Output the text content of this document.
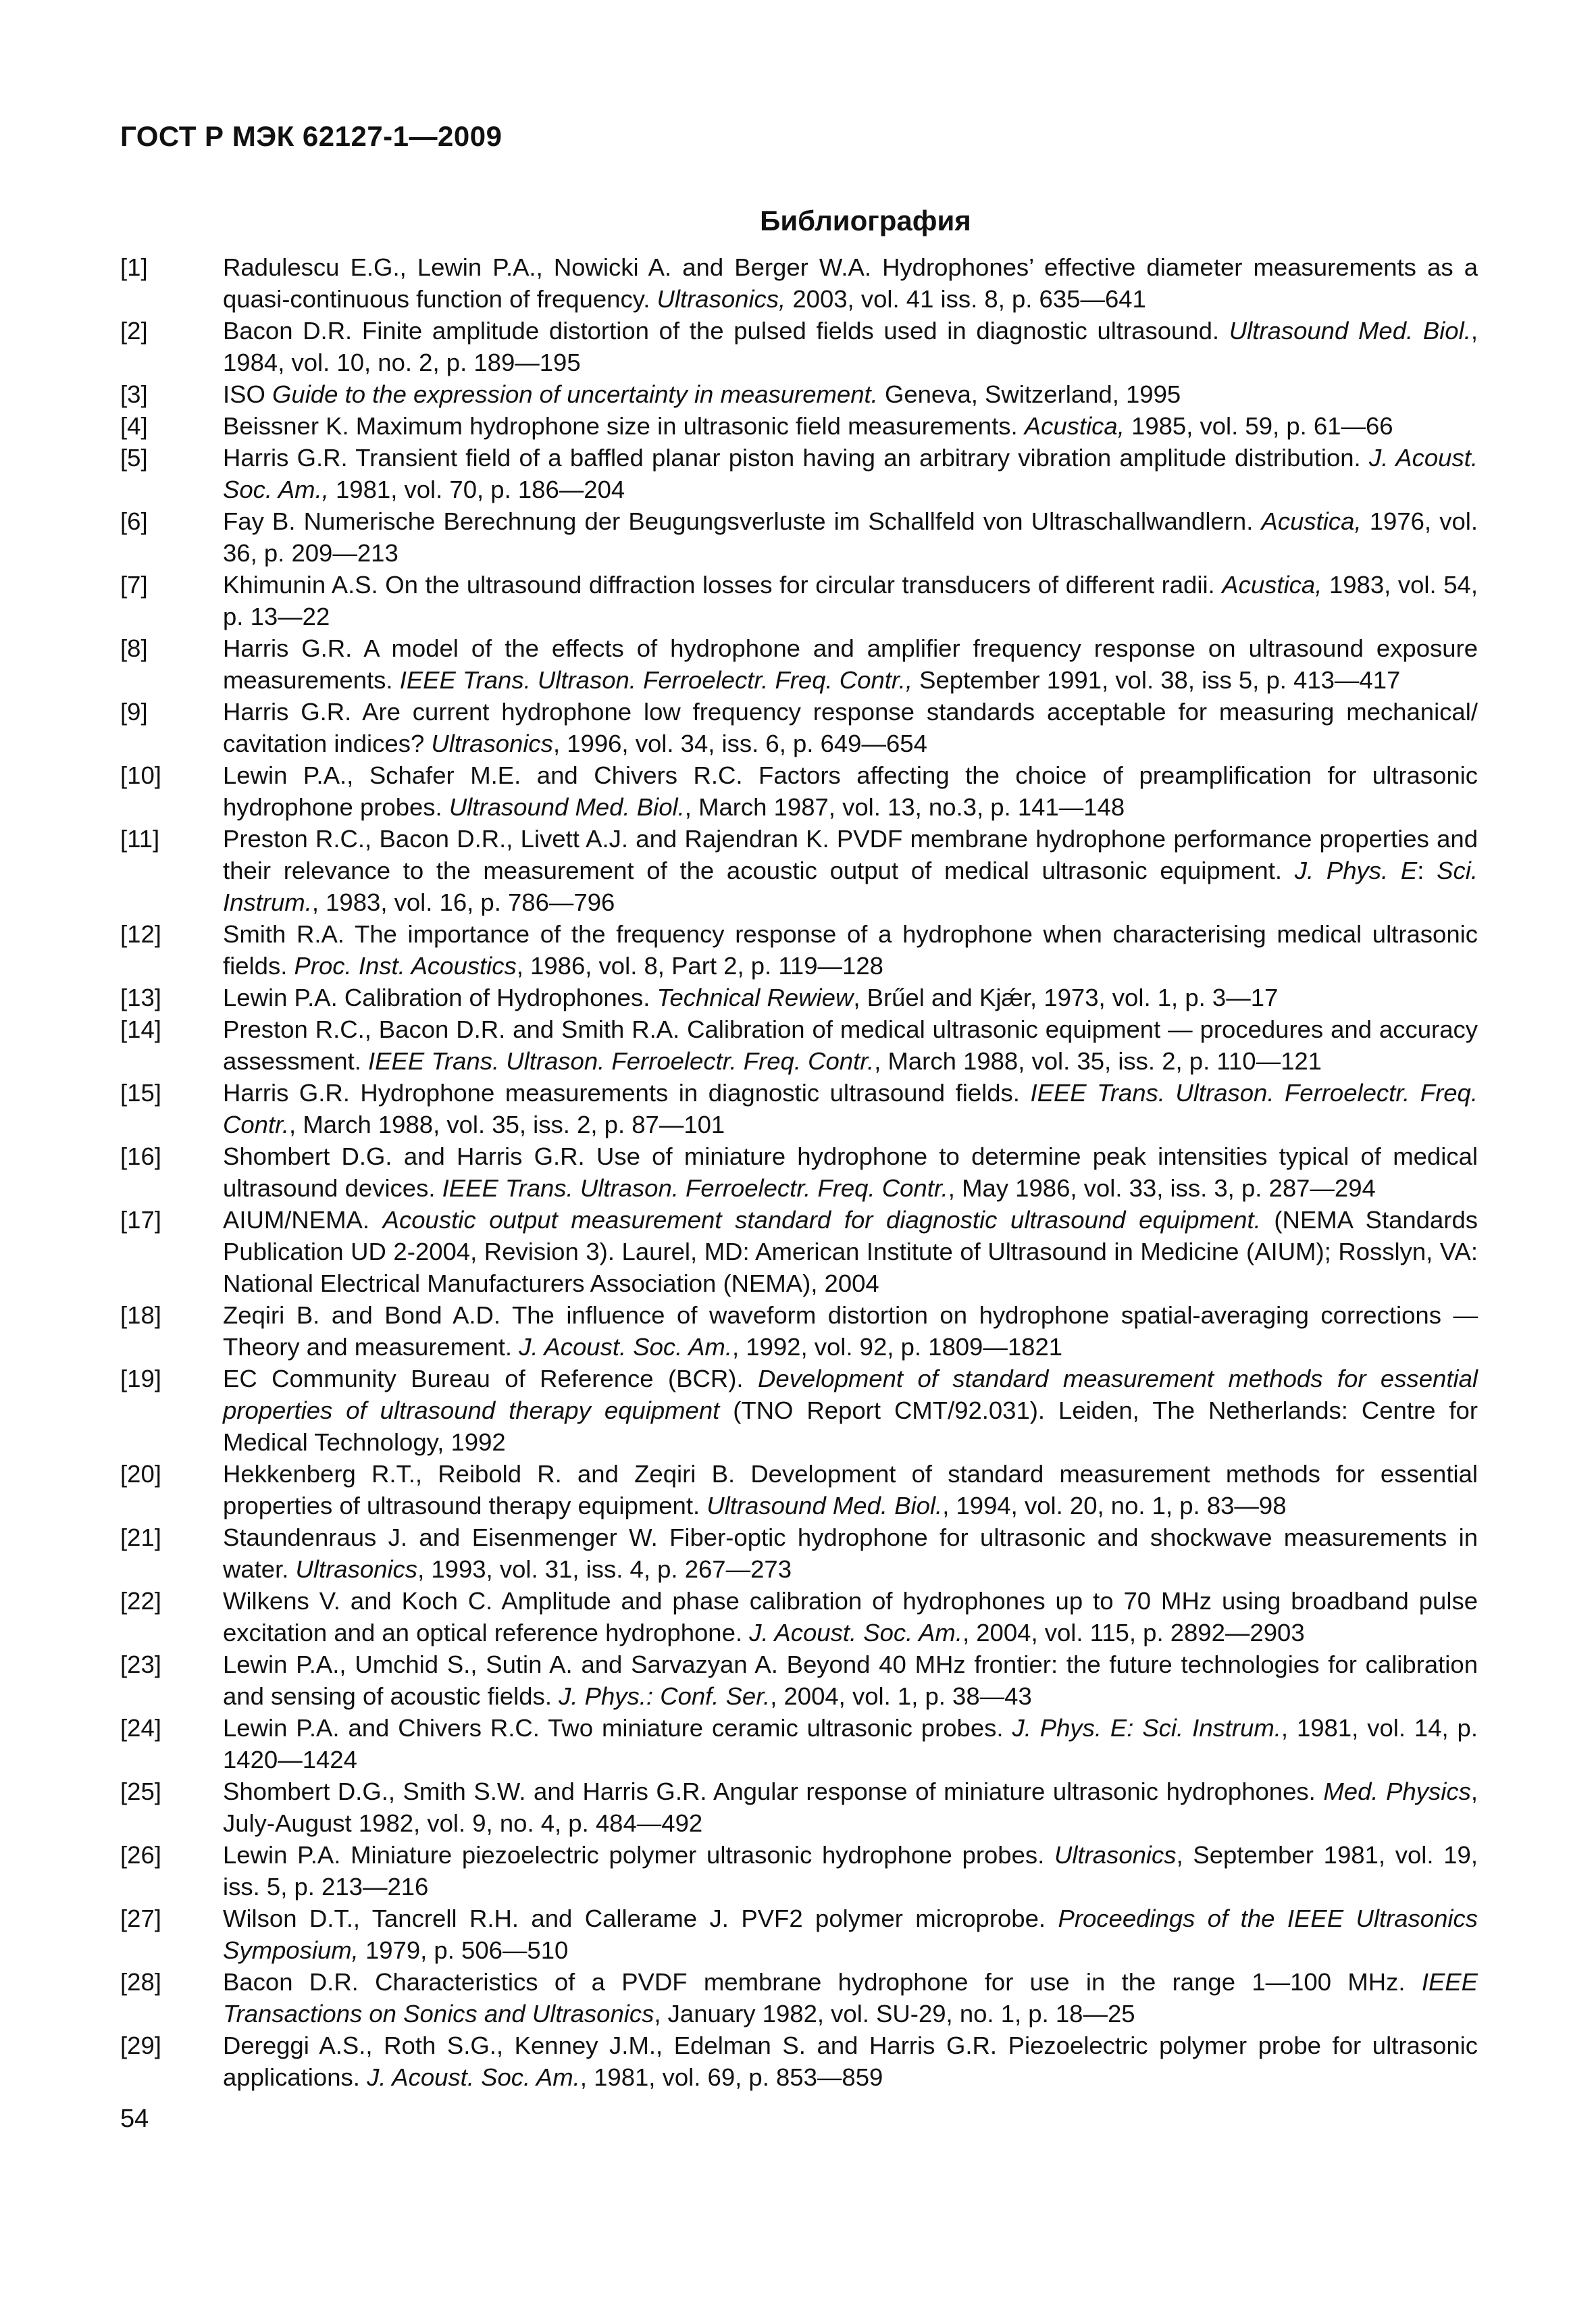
ГОСТ Р МЭК 62127-1—2009
Библиография
[1]	Radulescu E.G., Lewin P.A., Nowicki A. and Berger W.A. Hydrophones’ effective diameter measurements as a quasi-continuous function of frequency. Ultrasonics, 2003, vol. 41 iss. 8, p. 635—641
[2]	Bacon D.R. Finite amplitude distortion of the pulsed fields used in diagnostic ultrasound. Ultrasound Med. Biol., 1984, vol. 10, no. 2, p. 189—195
[3]	ISO Guide to the expression of uncertainty in measurement. Geneva, Switzerland, 1995
[4]	Beissner K. Maximum hydrophone size in ultrasonic field measurements. Acustica, 1985, vol. 59, p. 61—66
[5]	Harris G.R. Transient field of a baffled planar piston having an arbitrary vibration amplitude distribution. J. Acoust. Soc. Am., 1981, vol. 70, p. 186—204
[6]	Fay B. Numerische Berechnung der Beugungsverluste im Schallfeld von Ultraschallwandlern. Acustica, 1976, vol. 36, p. 209—213
[7]	Khimunin A.S. On the ultrasound diffraction losses for circular transducers of different radii. Acustica, 1983, vol. 54, p. 13—22
[8]	Harris G.R. A model of the effects of hydrophone and amplifier frequency response on ultrasound exposure measurements. IEEE Trans. Ultrason. Ferroelectr. Freq. Contr., September 1991, vol. 38, iss 5, p. 413—417
[9]	Harris G.R. Are current hydrophone low frequency response standards acceptable for measuring mechanical/ cavitation indices? Ultrasonics, 1996, vol. 34, iss. 6, p. 649—654
[10]	Lewin P.A., Schafer M.E. and Chivers R.C. Factors affecting the choice of preamplification for ultrasonic hydrophone probes. Ultrasound Med. Biol., March 1987, vol. 13, no.3, p. 141—148
[11]	Preston R.C., Bacon D.R., Livett A.J. and Rajendran K. PVDF membrane hydrophone performance properties and their relevance to the measurement of the acoustic output of medical ultrasonic equipment. J. Phys. E: Sci. Instrum., 1983, vol. 16, p. 786—796
[12]	Smith R.A. The importance of the frequency response of a hydrophone when characterising medical ultrasonic fields. Proc. Inst. Acoustics, 1986, vol. 8, Part 2, p. 119—128
[13]	Lewin P.A. Calibration of Hydrophones. Technical Rewiew, Brűel and Kjǽr, 1973, vol. 1, p. 3—17
[14]	Preston R.C., Bacon D.R. and Smith R.A. Calibration of medical ultrasonic equipment — procedures and accuracy assessment. IEEE Trans. Ultrason. Ferroelectr. Freq. Contr., March 1988, vol. 35, iss. 2, p. 110—121
[15]	Harris G.R. Hydrophone measurements in diagnostic ultrasound fields. IEEE Trans. Ultrason. Ferroelectr. Freq. Contr., March 1988, vol. 35, iss. 2, p. 87—101
[16]	Shombert D.G. and Harris G.R. Use of miniature hydrophone to determine peak intensities typical of medical ultrasound devices. IEEE Trans. Ultrason. Ferroelectr. Freq. Contr., May 1986, vol. 33, iss. 3, p. 287—294
[17]	AIUM/NEMA. Acoustic output measurement standard for diagnostic ultrasound equipment. (NEMA Standards Publication UD 2-2004, Revision 3). Laurel, MD: American Institute of Ultrasound in Medicine (AIUM); Rosslyn, VA: National Electrical Manufacturers Association (NEMA), 2004
[18]	Zeqiri B. and Bond A.D. The influence of waveform distortion on hydrophone spatial-averaging corrections — Theory and measurement. J. Acoust. Soc. Am., 1992, vol. 92, p. 1809—1821
[19]	EC Community Bureau of Reference (BCR). Development of standard measurement methods for essential properties of ultrasound therapy equipment (TNO Report CMT/92.031). Leiden, The Netherlands: Centre for Medical Technology, 1992
[20]	Hekkenberg R.T., Reibold R. and Zeqiri B. Development of standard measurement methods for essential properties of ultrasound therapy equipment. Ultrasound Med. Biol., 1994, vol. 20, no. 1, p. 83—98
[21]	Staundenraus J. and Eisenmenger W. Fiber-optic hydrophone for ultrasonic and shockwave measurements in water. Ultrasonics, 1993, vol. 31, iss. 4, p. 267—273
[22]	Wilkens V. and Koch C. Amplitude and phase calibration of hydrophones up to 70 MHz using broadband pulse excitation and an optical reference hydrophone. J. Acoust. Soc. Am., 2004, vol. 115, p. 2892—2903
[23]	Lewin P.A., Umchid S., Sutin A. and Sarvazyan A. Beyond 40 MHz frontier: the future technologies for calibration and sensing of acoustic fields. J. Phys.: Conf. Ser., 2004, vol. 1, p. 38—43
[24]	Lewin P.A. and Chivers R.C. Two miniature ceramic ultrasonic probes. J. Phys. E: Sci. Instrum., 1981, vol. 14, p. 1420—1424
[25]	Shombert D.G., Smith S.W. and Harris G.R. Angular response of miniature ultrasonic hydrophones. Med. Physics, July-August 1982, vol. 9, no. 4, p. 484—492
[26]	Lewin P.A. Miniature piezoelectric polymer ultrasonic hydrophone probes. Ultrasonics, September 1981, vol. 19, iss. 5, p. 213—216
[27]	Wilson D.T., Tancrell R.H. and Callerame J. PVF2 polymer microprobe. Proceedings of the IEEE Ultrasonics Symposium, 1979, p. 506—510
[28]	Bacon D.R. Characteristics of a PVDF membrane hydrophone for use in the range 1—100 MHz. IEEE Transactions on Sonics and Ultrasonics, January 1982, vol. SU-29, no. 1, p. 18—25
[29]	Dereggi A.S., Roth S.G., Kenney J.M., Edelman S. and Harris G.R. Piezoelectric polymer probe for ultrasonic applications. J. Acoust. Soc. Am., 1981, vol. 69, p. 853—859
54
